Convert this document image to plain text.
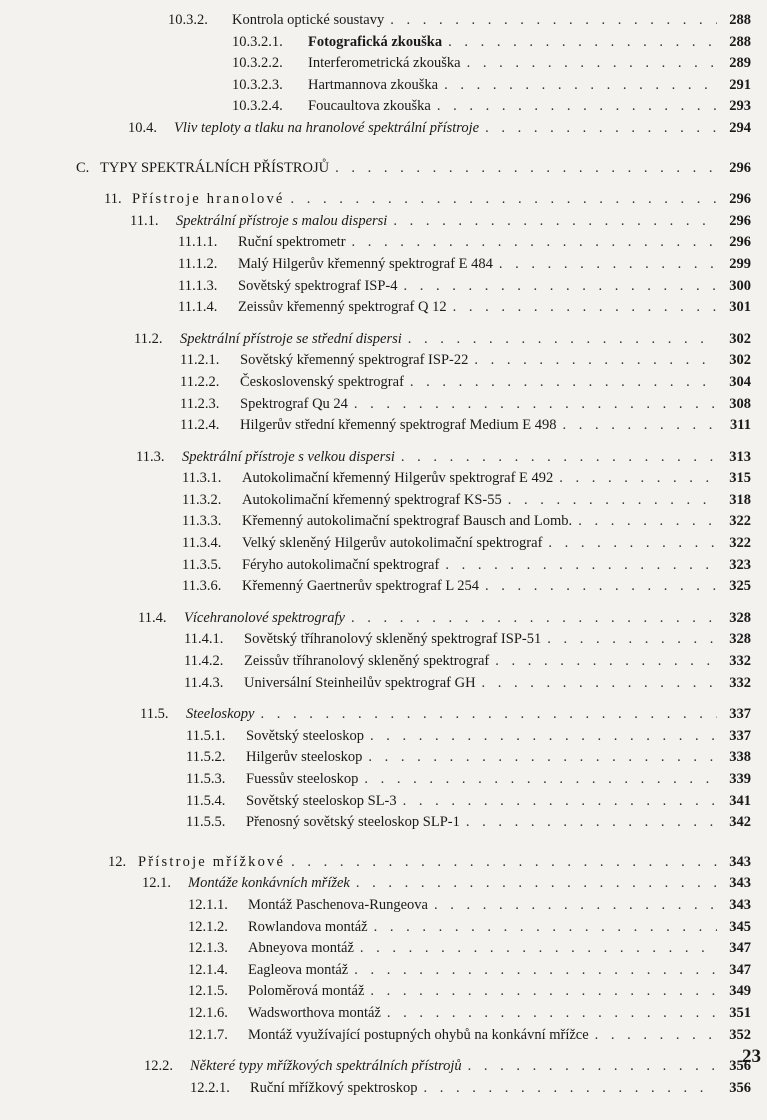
10.3.2.	Kontrola optické soustavy . . .	288
10.3.2.1.	Fotografická zkouška . . .	288
10.3.2.2.	Interferometrická zkouška . . .	289
10.3.2.3.	Hartmannova zkouška . . .	291
10.3.2.4.	Foucaultova zkouška . . .	293
10.4.	Vliv teploty a tlaku na hranolové spektrální přístroje . . .	294
C. TYPY SPEKTRÁLNÍCH PŘÍSTROJŮ . . .	296
11. Přístroje hranolové . . .	296
11.1.	Spektrální přístroje s malou dispersi . . .	296
11.1.1.	Ruční spektrometr . . .	296
11.1.2.	Malý Hilgerův křemenný spektrograf E 484 . . .	299
11.1.3.	Sovětský spektrograf ISP-4 . . .	300
11.1.4.	Zeissův křemenný spektrograf Q 12 . . .	301
11.2.	Spektrální přístroje se střední dispersi . . .	302
11.2.1.	Sovětský křemenný spektrograf ISP-22 . . .	302
11.2.2.	Československý spektrograf . . .	304
11.2.3.	Spektrograf Qu 24 . . .	308
11.2.4.	Hilgerův střední křemenný spektrograf Medium E 498 . . .	311
11.3.	Spektrální přístroje s velkou dispersi . . .	313
11.3.1.	Autokolimační křemenný Hilgerův spektrograf E 492 . . .	315
11.3.2.	Autokolimační křemenný spektrograf KS-55 . . .	318
11.3.3.	Křemenný autokolimační spektrograf Bausch and Lomb. . . .	322
11.3.4.	Velký skleněný Hilgerův autokolimační spektrograf . . .	322
11.3.5.	Féryho autokolimační spektrograf . . .	323
11.3.6.	Křemenný Gaertnerův spektrograf L 254 . . .	325
11.4.	Vícehranolové spektrografy . . .	328
11.4.1.	Sovětský tříhranolový skleněný spektrograf ISP-51 . . .	328
11.4.2.	Zeissův tříhranolový skleněný spektrograf . . .	332
11.4.3.	Universální Steinheilův spektrograf GH . . .	332
11.5.	Steeloskopy . . .	337
11.5.1.	Sovětský steeloskop . . .	337
11.5.2.	Hilgerův steeloskop . . .	338
11.5.3.	Fuessův steeloskop . . .	339
11.5.4.	Sovětský steeloskop SL-3 . . .	341
11.5.5.	Přenosný sovětský steeloskop SLP-1 . . .	342
12. Přístroje mřížkové . . .	343
12.1.	Montáže konkávních mřížek . . .	343
12.1.1.	Montáž Paschenova-Rungeova . . .	343
12.1.2.	Rowlandova montáž . . .	345
12.1.3.	Abneyova montáž . . .	347
12.1.4.	Eagleova montáž . . .	347
12.1.5.	Poloměrová montáž . . .	349
12.1.6.	Wadsworthova montáž . . .	351
12.1.7.	Montáž využívající postupných ohybů na konkávní mřížce . . .	352
12.2.	Některé typy mřížkových spektrálních přístrojů . . .	356
12.2.1.	Ruční mřížkový spektroskop . . .	356
23
